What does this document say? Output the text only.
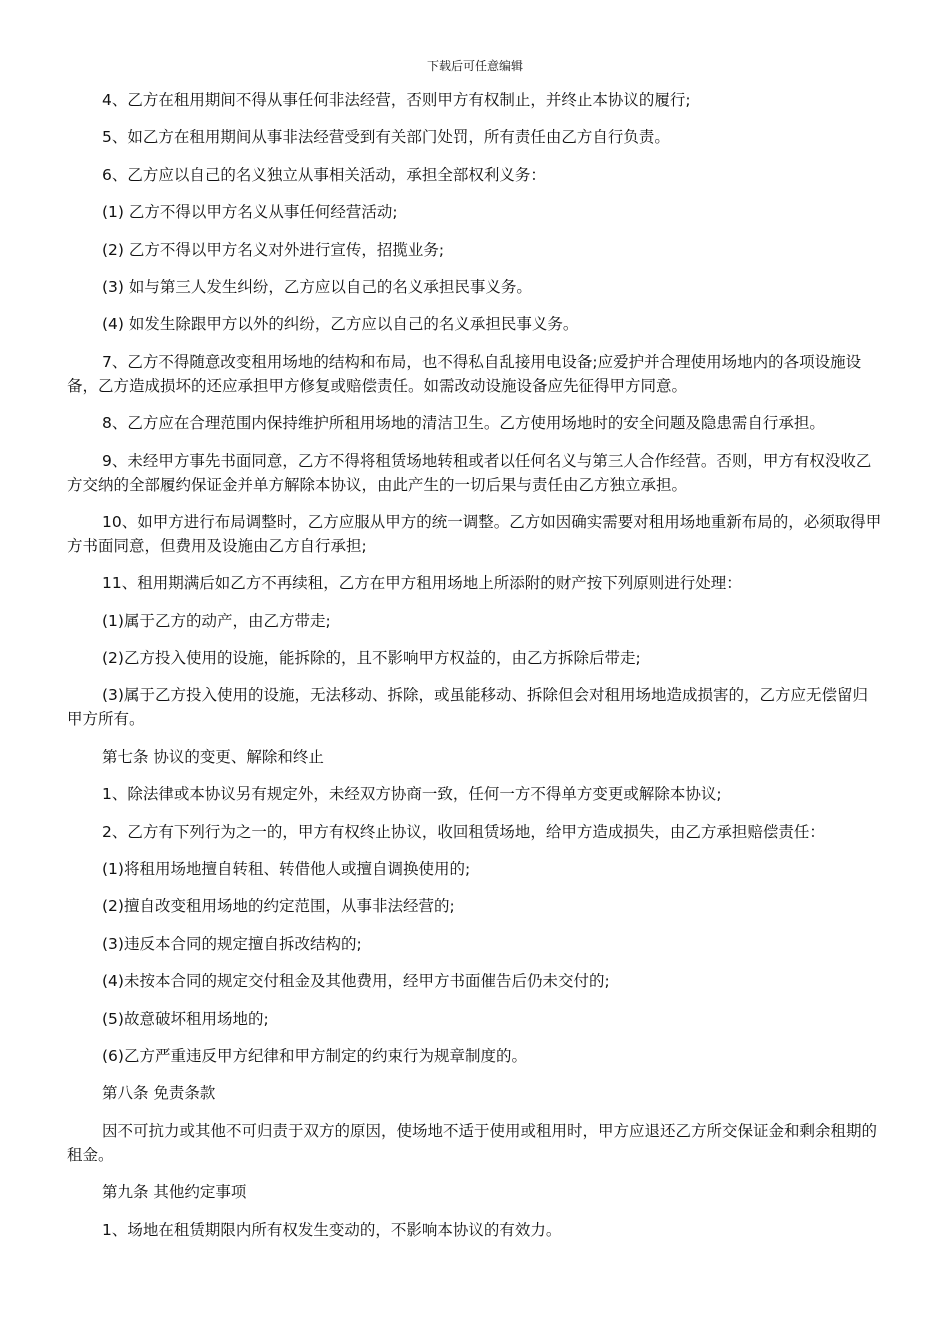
下载后可任意编辑

4、乙方在租用期间不得从事任何非法经营，否则甲方有权制止，并终止本协议的履行;

5、如乙方在租用期间从事非法经营受到有关部门处罚，所有责任由乙方自行负责。

6、乙方应以自己的名义独立从事相关活动，承担全部权利义务：

(1) 乙方不得以甲方名义从事任何经营活动;

(2) 乙方不得以甲方名义对外进行宣传，招揽业务;

(3) 如与第三人发生纠纷，乙方应以自己的名义承担民事义务。

(4) 如发生除跟甲方以外的纠纷，乙方应以自己的名义承担民事义务。

7、乙方不得随意改变租用场地的结构和布局，也不得私自乱接用电设备;应爱护并合理使用场地内的各项设施设备，乙方造成损坏的还应承担甲方修复或赔偿责任。如需改动设施设备应先征得甲方同意。

8、乙方应在合理范围内保持维护所租用场地的清洁卫生。乙方使用场地时的安全问题及隐患需自行承担。

9、未经甲方事先书面同意，乙方不得将租赁场地转租或者以任何名义与第三人合作经营。否则，甲方有权没收乙方交纳的全部履约保证金并单方解除本协议，由此产生的一切后果与责任由乙方独立承担。

10、如甲方进行布局调整时，乙方应服从甲方的统一调整。乙方如因确实需要对租用场地重新布局的，必须取得甲方书面同意，但费用及设施由乙方自行承担;

11、租用期满后如乙方不再续租，乙方在甲方租用场地上所添附的财产按下列原则进行处理：

(1)属于乙方的动产，由乙方带走;

(2)乙方投入使用的设施，能拆除的，且不影响甲方权益的，由乙方拆除后带走;

(3)属于乙方投入使用的设施，无法移动、拆除，或虽能移动、拆除但会对租用场地造成损害的，乙方应无偿留归甲方所有。

第七条 协议的变更、解除和终止

1、除法律或本协议另有规定外，未经双方协商一致，任何一方不得单方变更或解除本协议;

2、乙方有下列行为之一的，甲方有权终止协议，收回租赁场地，给甲方造成损失，由乙方承担赔偿责任：

(1)将租用场地擅自转租、转借他人或擅自调换使用的;

(2)擅自改变租用场地的约定范围，从事非法经营的;

(3)违反本合同的规定擅自拆改结构的;

(4)未按本合同的规定交付租金及其他费用，经甲方书面催告后仍未交付的;

(5)故意破坏租用场地的;

(6)乙方严重违反甲方纪律和甲方制定的约束行为规章制度的。

第八条 免责条款

因不可抗力或其他不可归责于双方的原因，使场地不适于使用或租用时，甲方应退还乙方所交保证金和剩余租期的租金。

第九条 其他约定事项

1、场地在租赁期限内所有权发生变动的，不影响本协议的有效力。
